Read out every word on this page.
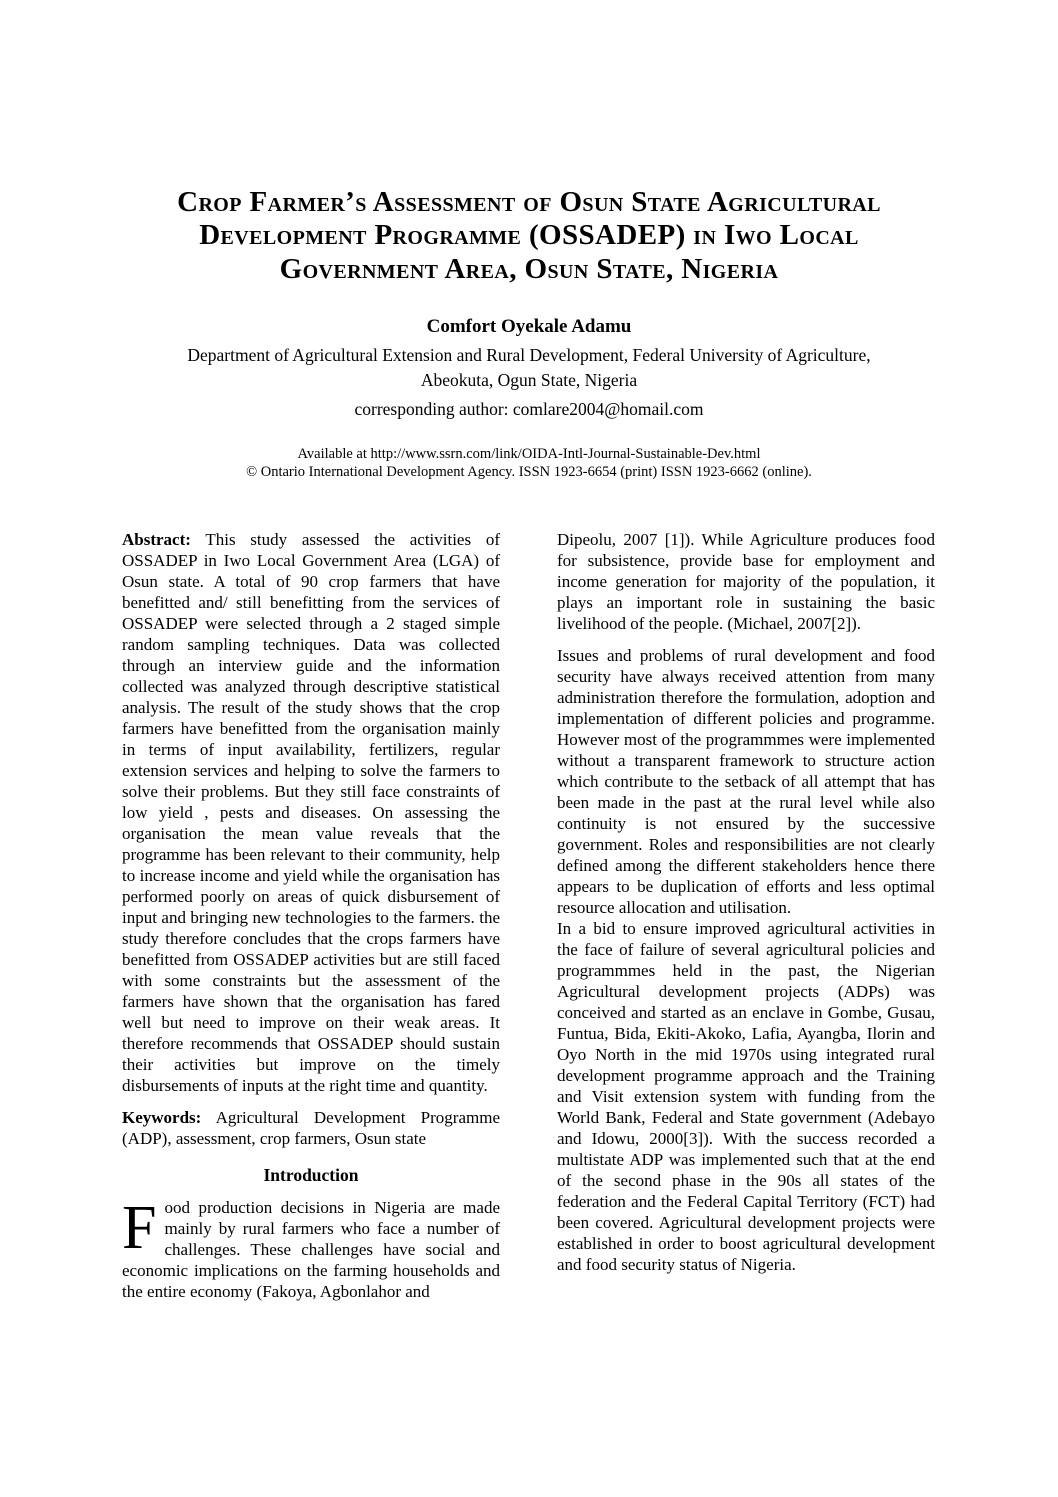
Crop Farmer’s Assessment of Osun State Agricultural Development Programme (OSSADEP) in Iwo Local Government Area, Osun State, Nigeria
Comfort Oyekale Adamu
Department of Agricultural Extension and Rural Development, Federal University of Agriculture,
Abeokuta, Ogun State, Nigeria
corresponding author: comlare2004@homail.com
Available at http://www.ssrn.com/link/OIDA-Intl-Journal-Sustainable-Dev.html
© Ontario International Development Agency. ISSN 1923-6654 (print) ISSN 1923-6662 (online).

Abstract: This study assessed the activities of OSSADEP in Iwo Local Government Area (LGA) of Osun state. A total of 90 crop farmers that have benefitted and/ still benefitting from the services of OSSADEP were selected through a 2 staged simple random sampling techniques. Data was collected through an interview guide and the information collected was analyzed through descriptive statistical analysis. The result of the study shows that the crop farmers have benefitted from the organisation mainly in terms of input availability, fertilizers, regular extension services and helping to solve the farmers to solve their problems. But they still face constraints of low yield , pests and diseases. On assessing the organisation the mean value reveals that the programme has been relevant to their community, help to increase income and yield while the organisation has performed poorly on areas of quick disbursement of input and bringing new technologies to the farmers. the study therefore concludes that the crops farmers have benefitted from OSSADEP activities but are still faced with some constraints but the assessment of the farmers have shown that the organisation has fared well but need to improve on their weak areas. It therefore recommends that OSSADEP should sustain their activities but improve on the timely disbursements of inputs at the right time and quantity.

Keywords: Agricultural Development Programme (ADP), assessment, crop farmers, Osun state

Introduction

Food production decisions in Nigeria are made mainly by rural farmers who face a number of challenges. These challenges have social and economic implications on the farming households and the entire economy (Fakoya, Agbonlahor and

Dipeolu, 2007 [1]). While Agriculture produces food for subsistence, provide base for employment and income generation for majority of the population, it plays an important role in sustaining the basic livelihood of the people. (Michael, 2007[2]).

Issues and problems of rural development and food security have always received attention from many administration therefore the formulation, adoption and implementation of different policies and programme. However most of the programmmes were implemented without a transparent framework to structure action which contribute to the setback of all attempt that has been made in the past at the rural level while also continuity is not ensured by the successive government. Roles and responsibilities are not clearly defined among the different stakeholders hence there appears to be duplication of efforts and less optimal resource allocation and utilisation.

In a bid to ensure improved agricultural activities in the face of failure of several agricultural policies and programmmes held in the past, the Nigerian Agricultural development projects (ADPs) was conceived and started as an enclave in Gombe, Gusau, Funtua, Bida, Ekiti-Akoko, Lafia, Ayangba, Ilorin and Oyo North in the mid 1970s using integrated rural development programme approach and the Training and Visit extension system with funding from the World Bank, Federal and State government (Adebayo and Idowu, 2000[3]). With the success recorded a multistate ADP was implemented such that at the end of the second phase in the 90s all states of the federation and the Federal Capital Territory (FCT) had been covered. Agricultural development projects were established in order to boost agricultural development and food security status of Nigeria.
